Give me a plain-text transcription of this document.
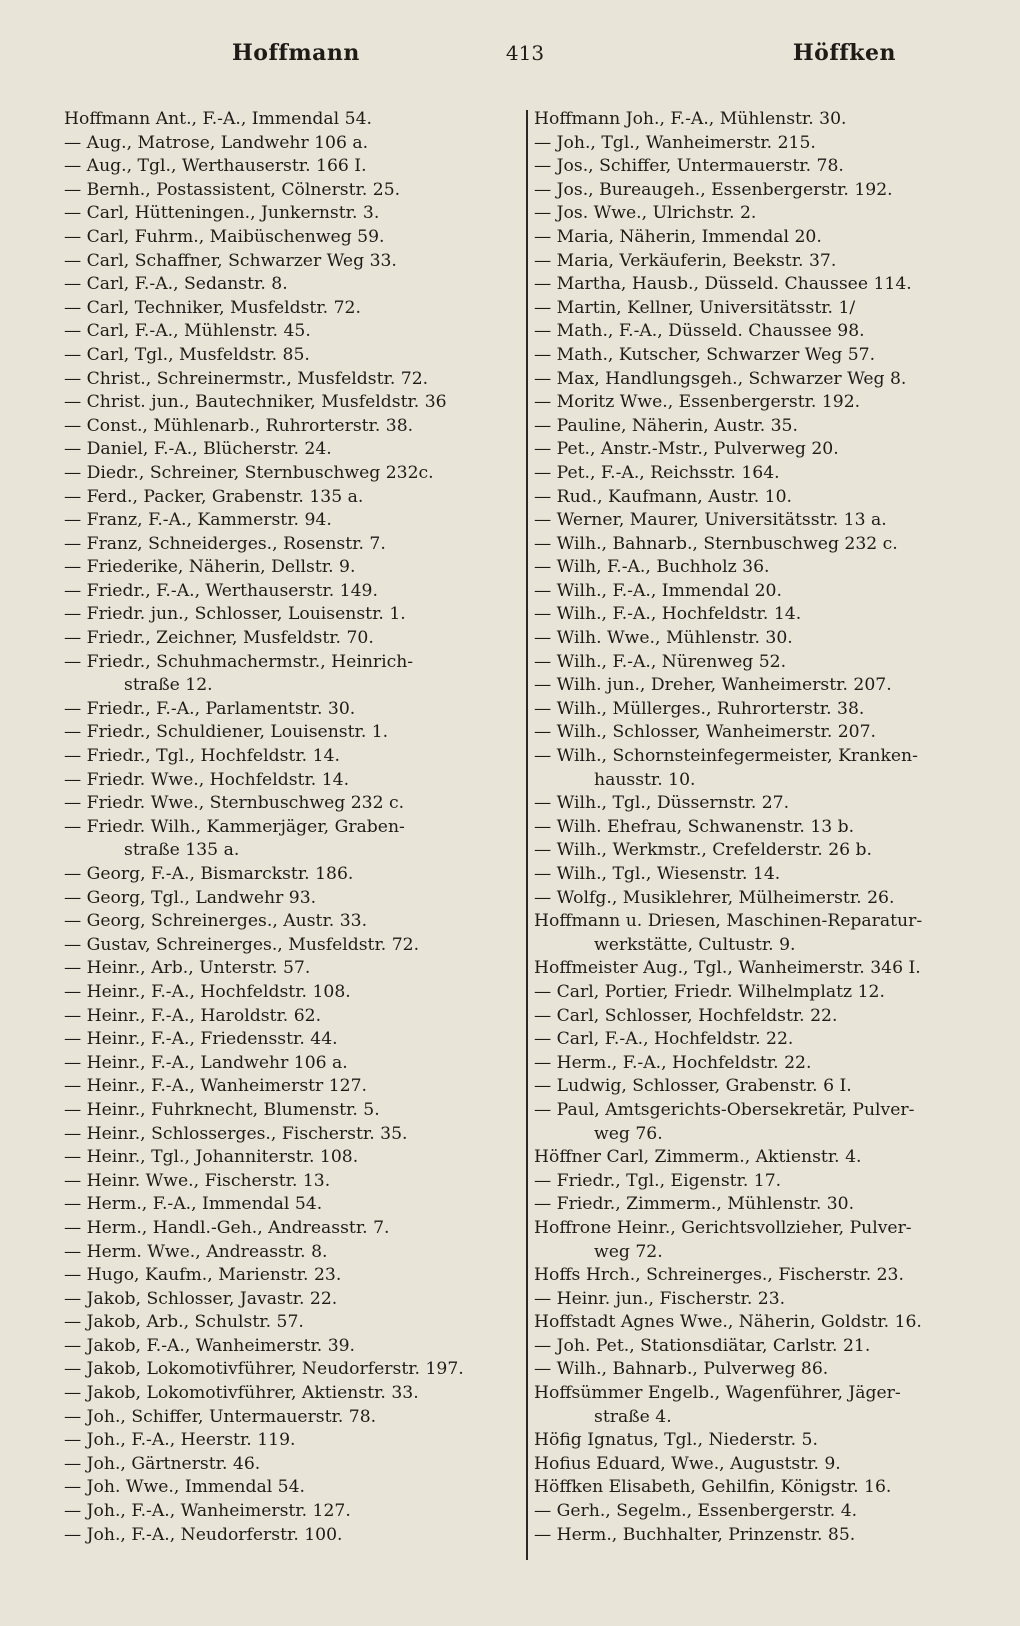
Hoffmann	413	Höffken
Hoffmann Ant., F.-A., Immendal 54.
— Aug., Matrose, Landwehr 106 a.
— Aug., Tgl., Werthauserstr. 166 I.
— Bernh., Postassistent, Cölnerstr. 25.
— Carl, Hütteningen., Junkernstr. 3.
— Carl, Fuhrm., Maibüschenweg 59.
— Carl, Schaffner, Schwarzer Weg 33.
— Carl, F.-A., Sedanstr. 8.
— Carl, Techniker, Musfeldstr. 72.
— Carl, F.-A., Mühlenstr. 45.
— Carl, Tgl., Musfeldstr. 85.
— Christ., Schreinermstr., Musfeldstr. 72.
— Christ. jun., Bautechniker, Musfeldstr. 36
— Const., Mühlenarb., Ruhrorterstr. 38.
— Daniel, F.-A., Blücherstr. 24.
— Diedr., Schreiner, Sternbuschweg 232c.
— Ferd., Packer, Grabenstr. 135 a.
— Franz, F.-A., Kammerstr. 94.
— Franz, Schneiderges., Rosenstr. 7.
— Friederike, Näherin, Dellstr. 9.
— Friedr., F.-A., Werthauserstr. 149.
— Friedr. jun., Schlosser, Louisenstr. 1.
— Friedr., Zeichner, Musfeldstr. 70.
— Friedr., Schuhmachermstr., Heinrich-
straße 12.
— Friedr., F.-A., Parlamentstr. 30.
— Friedr., Schuldiener, Louisenstr. 1.
— Friedr., Tgl., Hochfeldstr. 14.
— Friedr. Wwe., Hochfeldstr. 14.
— Friedr. Wwe., Sternbuschweg 232 c.
— Friedr. Wilh., Kammerjäger, Graben-
straße 135 a.
— Georg, F.-A., Bismarckstr. 186.
— Georg, Tgl., Landwehr 93.
— Georg, Schreinerges., Austr. 33.
— Gustav, Schreinerges., Musfeldstr. 72.
— Heinr., Arb., Unterstr. 57.
— Heinr., F.-A., Hochfeldstr. 108.
— Heinr., F.-A., Haroldstr. 62.
— Heinr., F.-A., Friedensstr. 44.
— Heinr., F.-A., Landwehr 106 a.
— Heinr., F.-A., Wanheimerstr 127.
— Heinr., Fuhrknecht, Blumenstr. 5.
— Heinr., Schlosserges., Fischerstr. 35.
— Heinr., Tgl., Johanniterstr. 108.
— Heinr. Wwe., Fischerstr. 13.
— Herm., F.-A., Immendal 54.
— Herm., Handl.-Geh., Andreasstr. 7.
— Herm. Wwe., Andreasstr. 8.
— Hugo, Kaufm., Marienstr. 23.
— Jakob, Schlosser, Javastr. 22.
— Jakob, Arb., Schulstr. 57.
— Jakob, F.-A., Wanheimerstr. 39.
— Jakob, Lokomotivführer, Neudorferstr. 197.
— Jakob, Lokomotivführer, Aktienstr. 33.
— Joh., Schiffer, Untermauerstr. 78.
— Joh., F.-A., Heerstr. 119.
— Joh., Gärtnerstr. 46.
— Joh. Wwe., Immendal 54.
— Joh., F.-A., Wanheimerstr. 127.
— Joh., F.-A., Neudorferstr. 100.
Hoffmann Joh., F.-A., Mühlenstr. 30.
— Joh., Tgl., Wanheimerstr. 215.
— Jos., Schiffer, Untermauerstr. 78.
— Jos., Bureaugeh., Essenbergerstr. 192.
— Jos. Wwe., Ulrichstr. 2.
— Maria, Näherin, Immendal 20.
— Maria, Verkäuferin, Beekstr. 37.
— Martha, Hausb., Düsseld. Chaussee 114.
— Martin, Kellner, Universitätsstr. 1/
— Math., F.-A., Düsseld. Chaussee 98.
— Math., Kutscher, Schwarzer Weg 57.
— Max, Handlungsgeh., Schwarzer Weg 8.
— Moritz Wwe., Essenbergerstr. 192.
— Pauline, Näherin, Austr. 35.
— Pet., Anstr.-Mstr., Pulverweg 20.
— Pet., F.-A., Reichsstr. 164.
— Rud., Kaufmann, Austr. 10.
— Werner, Maurer, Universitätsstr. 13 a.
— Wilh., Bahnarb., Sternbuschweg 232 c.
— Wilh, F.-A., Buchholz 36.
— Wilh., F.-A., Immendal 20.
— Wilh., F.-A., Hochfeldstr. 14.
— Wilh. Wwe., Mühlenstr. 30.
— Wilh., F.-A., Nürenweg 52.
— Wilh. jun., Dreher, Wanheimerstr. 207.
— Wilh., Müllerges., Ruhrorterstr. 38.
— Wilh., Schlosser, Wanheimerstr. 207.
— Wilh., Schornsteinfegermeister, Kranken-
hausstr. 10.
— Wilh., Tgl., Düssernstr. 27.
— Wilh. Ehefrau, Schwanenstr. 13 b.
— Wilh., Werkmstr., Crefelderstr. 26 b.
— Wilh., Tgl., Wiesenstr. 14.
— Wolfg., Musiklehrer, Mülheimerstr. 26.
Hoffmann u. Driesen, Maschinen-Reparatur-
werkstätte, Cultustr. 9.
Hoffmeister Aug., Tgl., Wanheimerstr. 346 I.
— Carl, Portier, Friedr. Wilhelmplatz 12.
— Carl, Schlosser, Hochfeldstr. 22.
— Carl, F.-A., Hochfeldstr. 22.
— Herm., F.-A., Hochfeldstr. 22.
— Ludwig, Schlosser, Grabenstr. 6 I.
— Paul, Amtsgerichts-Obersekretär, Pulver-
weg 76.
Höffner Carl, Zimmerm., Aktienstr. 4.
— Friedr., Tgl., Eigenstr. 17.
— Friedr., Zimmerm., Mühlenstr. 30.
Hoffrone Heinr., Gerichtsvollzieher, Pulver-
weg 72.
Hoffs Hrch., Schreinerges., Fischerstr. 23.
— Heinr. jun., Fischerstr. 23.
Hoffstadt Agnes Wwe., Näherin, Goldstr. 16.
— Joh. Pet., Stationsdiätar, Carlstr. 21.
— Wilh., Bahnarb., Pulverweg 86.
Hoffsümmer Engelb., Wagenführer, Jäger-
straße 4.
Höfig Ignatus, Tgl., Niederstr. 5.
Hofius Eduard, Wwe., Auguststr. 9.
Höffken Elisabeth, Gehilfin, Königstr. 16.
— Gerh., Segelm., Essenbergerstr. 4.
— Herm., Buchhalter, Prinzenstr. 85.
